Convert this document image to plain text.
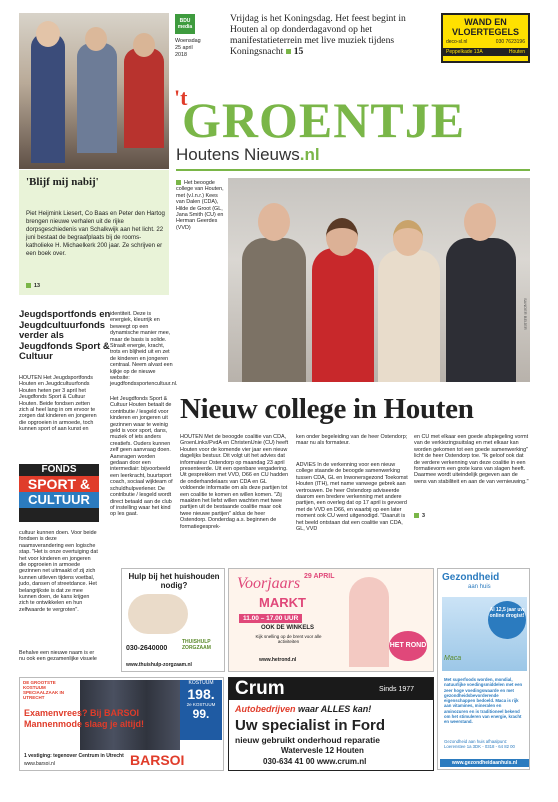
'Blijf mij nabij'
Piet Heijmink Liesert, Co Baas en Peter den Hartog brengen nieuwe verhalen uit de rijke dorpsgeschiedenis van Schalkwijk aan het licht. 22 juni bestaat de begraafplaats bij de rooms-katholieke H. Michaelkerk 200 jaar. Ze schrijven er een boek over.
13
BDU media
Woensdag
25 april
2018
Vrijdag is het Koningsdag. Het feest begint in Houten al op donderdagavond op het manifestatieterrein met live muziek tijdens Koningsnacht 15
WAND EN
VLOERTEGELS
deco-sl.nl	030 7623196
Peppelkade 13A	Houten
't
GROENTJE
Houtens Nieuws.nl
Het beoogde college van Houten, met (v.l.n.r.) Kees van Dalen (CDA), Hilde de Groot (GL, Jana Smith (CU) en Herman Geerdes (VVD)
SANDER BEIJER
Jeugdsportfonds en Jeugdcultuurfonds verder als Jeugdfonds Sport & Cultuur
HOUTEN Het Jeugdsportfonds Houten en Jeugdcultuurfonds Houten heten per 3 april het Jeugdfonds Sport & Cultuur Houten. Beide fondsen zetten zich al heel lang in om ervoor te zorgen dat kinderen en jongeren die opgroeien in armoede, toch kunnen sport of aan kunst en
FONDS
SPORT &
CULTUUR
cultuur kunnen doen. Voor beide fondsen is deze naamsverandering een logische stap. "Het is onze overtuiging dat het voor kinderen en jongeren die opgroeien in armoede gezinnen net uitmaakt of zij zich kunnen uitleven tijdens voetbal, judo, dansen of streetdance. Het belangrijkste is dat ze mee kunnen doen, de kans krijgen zich te ontwikkelen en hun zelfwaarde te vergroten".
Behalve een nieuwe naam is er nu ook een gezamenlijke visuele
identiteit. Deze is energiek, kleurrijk en beweegt op een dynamische manier mee, maar de basis is solide. Straalt energie, kracht, trots en blijheid uit en zet de kinderen en jongeren centraal. Neem alvast een kijkje op de nieuwe website: jeugdfondssportencultuur.nl.
Het Jeugdfonds Sport & Cultuur Houten betaalt de contributie / lesgeld voor kinderen en jongeren uit gezinnen waar te weinig geld is voor sport, dans, muziek of iets anders creatiefs. Ouders kunnen zelf geen aanvraag doen. Aanvragen worden gedaan door een intermediair: bijvoorbeeld een leerkracht, buurtsport coach, sociaal wijkteam of schuldhulpverlener. De contributie / lesgeld wordt direct betaald aan de club of instelling waar het kind op les gaat.
Nieuw college in Houten
HOUTEN Met de beoogde coalitie van CDA, GroenLinks/PvdA en ChristenUnie (CU) heeft Houten voor de komende vier jaar een nieuw dagelijks bestuur. Dit volgt uit het advies dat informateur Ostendorp op maandag 23 april presenteerde. Uit een openbare vergadering. Uit gesprekken met VVD, D66 en CU hadden de onderhandelaars van CDA en GL voldoende informatie om als deze partijen tot een coalitie te komen en willen komen. "Zij maakten het liefst willen wachten met twee partijen uit de bestaande coalitie maar ook twee nieuwe partijen" aldus de heer Ostendorp. Donderdag a.s. beginnen de formatiegesprek-
ken onder begeleiding van de heer Ostendorp; maar nu als formateur.
ADVIES In de verkenning voor een nieuw college staande de beoogde samenwerking tussen CDA, GL en Inwonersgezond Toekomst Houten (ITH), met name vanwege gebrek aan vertrouwen. De heer Ostendorp adviseerde daarom een bredere verkenning met andere partijen, een overleg dat op 17 april is gevoerd met de VVD en D66, en waarbij op een later moment ook CU werd uitgenodigd. "Daaruit is het beeld ontstaan dat een coalitie van CDA, GL, VVD
en CU met elkaar een goede afspiegeling vormt van de verkiezingsuitslag en met elkaar kan worden gekomen tot een goede samenwerking" licht de heer Ostendorp toe. "Ik geloof ook dat de verdere verkenning van deze coalitie in een formatievorm een grote kans van slagen heeft. Daarmee wordt uiteindelijk gegeven aan de wens van stabiliteit en aan de van vernieuwing."
3
Hulp bij het huishouden nodig?
030-2640000
THUISHULP ZORGZAAM
www.thuishulp-zorgzaam.nl
29 APRIL
Voorjaars
MARKT
11.00 – 17.00 UUR
OOK DE WINKELS
Kijk snelling op de brent voor alle activiteiten
www.hetrond.nl
HET ROND
Gezondheid
aan huis
Al 12,5 jaar uw online drogist!
Maca
Met superfoods worden, mondial, natuurlijke voedingsmiddelen met een zeer hoge voedingswaarde en met gezondheidsbevorderende eigenschappen bedoeld. Maca is rijk aan vitamines, mineralen en aminozuren en is traditioneel bekend om het stimuleren van energie, kracht en weerstand.
Gezondheid aan huis afhaalpunt: Loerenstee 1a 3DK - 0318 - 64 82 00
www.gezondheidaanhuis.nl
DE GROOTSTE KOSTUUM SPECIAALZAAK IN UTRECHT
Examenvrees? Bij BARSOI Mannenmode slaag je altijd!
KOSTUUM
198.
2e KOSTUUM
99.
1 vestiging: tegenover Centrum in Utrecht
www.barsoi.nl	BARSOI
Crum	Sinds 1977
Autobedrijven waar ALLES kan!
Uw specialist in Ford
nieuw gebruikt onderhoud reparatie
Watervesle 12 Houten
030-634 41 00 www.crum.nl
